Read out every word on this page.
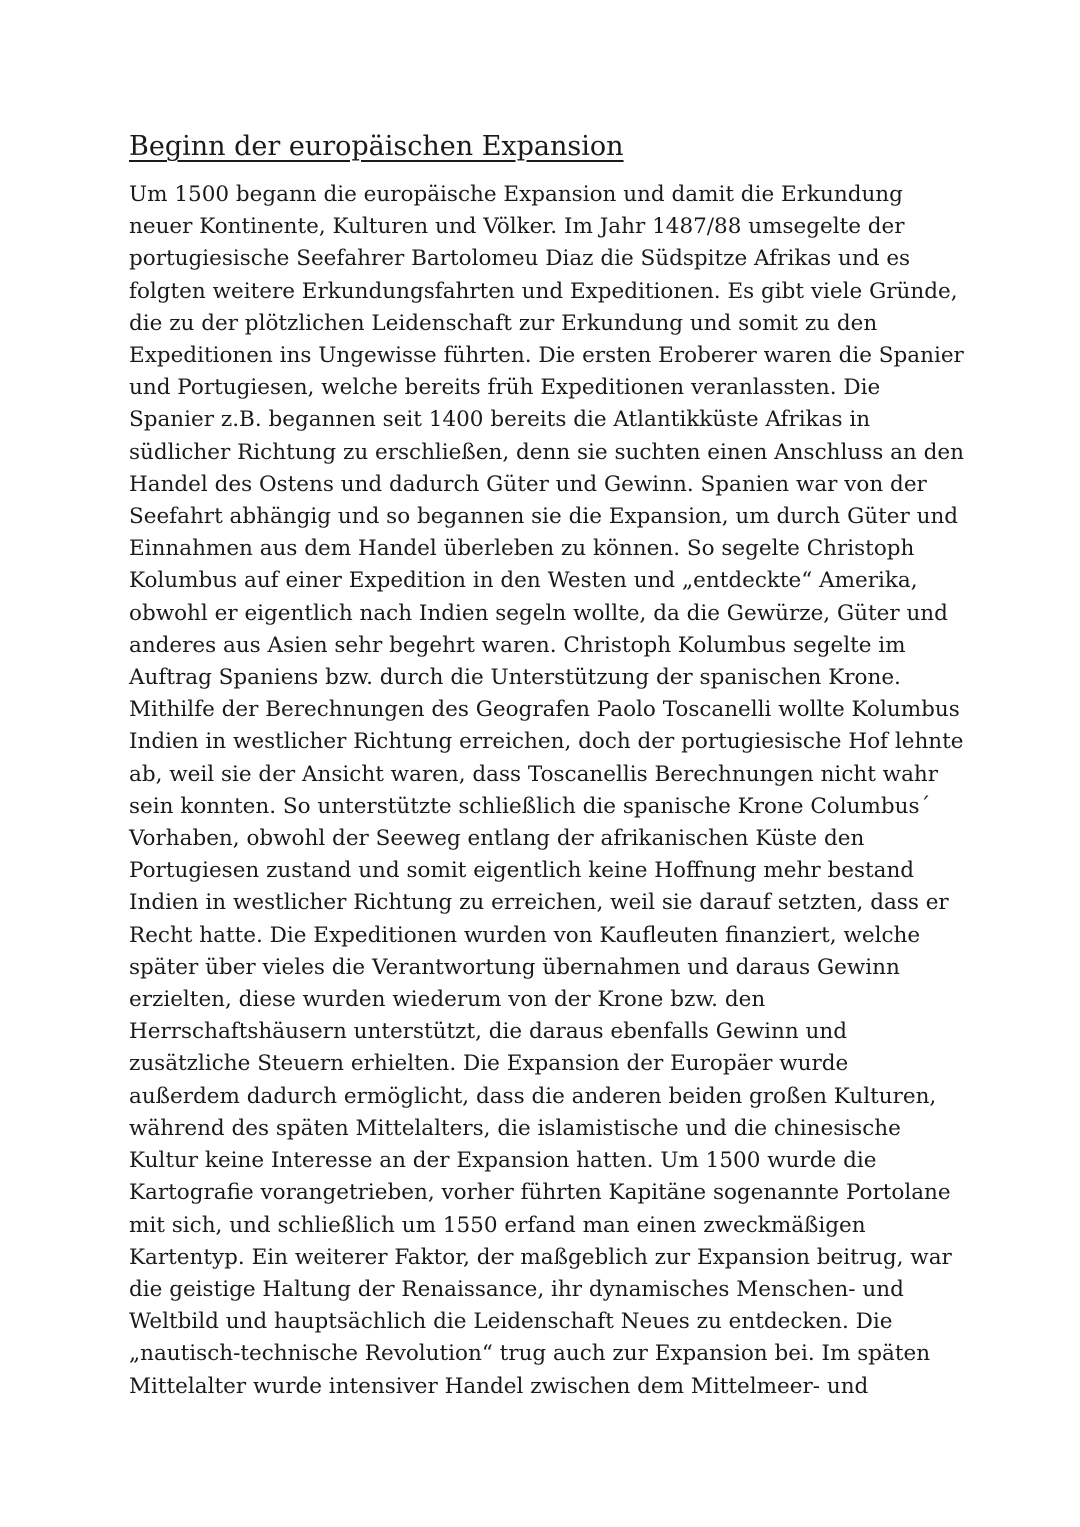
Beginn der europäischen Expansion
Um 1500 begann die europäische Expansion und damit die Erkundung
neuer Kontinente, Kulturen und Völker. Im Jahr 1487/88 umsegelte der
portugiesische Seefahrer Bartolomeu Diaz die Südspitze Afrikas und es
folgten weitere Erkundungsfahrten und Expeditionen. Es gibt viele Gründe,
die zu der plötzlichen Leidenschaft zur Erkundung und somit zu den
Expeditionen ins Ungewisse führten. Die ersten Eroberer waren die Spanier
und Portugiesen, welche bereits früh Expeditionen veranlassten. Die
Spanier z.B. begannen seit 1400 bereits die Atlantikküste Afrikas in
südlicher Richtung zu erschließen, denn sie suchten einen Anschluss an den
Handel des Ostens und dadurch Güter und Gewinn. Spanien war von der
Seefahrt abhängig und so begannen sie die Expansion, um durch Güter und
Einnahmen aus dem Handel überleben zu können. So segelte Christoph
Kolumbus auf einer Expedition in den Westen und „entdeckte“ Amerika,
obwohl er eigentlich nach Indien segeln wollte, da die Gewürze, Güter und
anderes aus Asien sehr begehrt waren. Christoph Kolumbus segelte im
Auftrag Spaniens bzw. durch die Unterstützung der spanischen Krone.
Mithilfe der Berechnungen des Geografen Paolo Toscanelli wollte Kolumbus
Indien in westlicher Richtung erreichen, doch der portugiesische Hof lehnte
ab, weil sie der Ansicht waren, dass Toscanellis Berechnungen nicht wahr
sein konnten. So unterstützte schließlich die spanische Krone Columbus´
Vorhaben, obwohl der Seeweg entlang der afrikanischen Küste den
Portugiesen zustand und somit eigentlich keine Hoffnung mehr bestand
Indien in westlicher Richtung zu erreichen, weil sie darauf setzten, dass er
Recht hatte. Die Expeditionen wurden von Kaufleuten finanziert, welche
später über vieles die Verantwortung übernahmen und daraus Gewinn
erzielten, diese wurden wiederum von der Krone bzw. den
Herrschaftshäusern unterstützt, die daraus ebenfalls Gewinn und
zusätzliche Steuern erhielten. Die Expansion der Europäer wurde
außerdem dadurch ermöglicht, dass die anderen beiden großen Kulturen,
während des späten Mittelalters, die islamistische und die chinesische
Kultur keine Interesse an der Expansion hatten. Um 1500 wurde die
Kartografie vorangetrieben, vorher führten Kapitäne sogenannte Portolane
mit sich, und schließlich um 1550 erfand man einen zweckmäßigen
Kartentyp. Ein weiterer Faktor, der maßgeblich zur Expansion beitrug, war
die geistige Haltung der Renaissance, ihr dynamisches Menschen- und
Weltbild und hauptsächlich die Leidenschaft Neues zu entdecken. Die
„nautisch-technische Revolution“ trug auch zur Expansion bei. Im späten
Mittelalter wurde intensiver Handel zwischen dem Mittelmeer- und
